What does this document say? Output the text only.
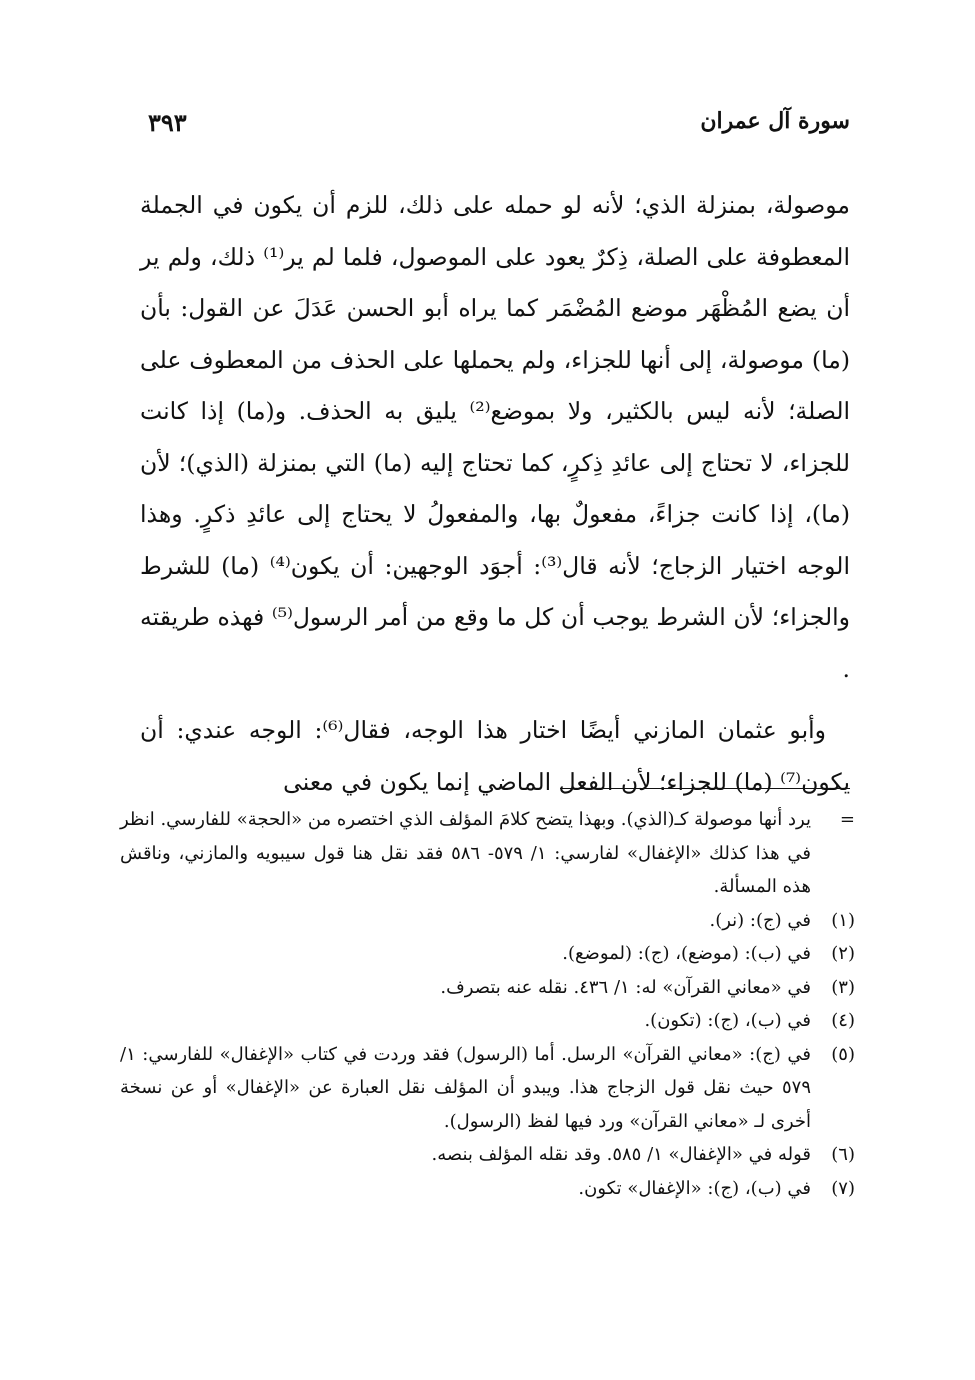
سورة آل عمران
٣٩٣

موصولة، بمنزلة الذي؛ لأنه لو حمله على ذلك، للزم أن يكون في الجملة المعطوفة على الصلة، ذِكرٌ يعود على الموصول، فلما لم ير⁽¹⁾ ذلك، ولم ير أن يضع المُظْهَر موضع المُضْمَر كما يراه أبو الحسن عَدَلَ عن القول: بأن (ما) موصولة، إلى أنها للجزاء، ولم يحملها على الحذف من المعطوف على الصلة؛ لأنه ليس بالكثير، ولا بموضع⁽²⁾ يليق به الحذف. و(ما) إذا كانت للجزاء، لا تحتاج إلى عائدِ ذِكرٍ، كما تحتاج إليه (ما) التي بمنزلة (الذي)؛ لأن (ما)، إذا كانت جزاءً، مفعولٌ بها، والمفعولُ لا يحتاج إلى عائدِ ذكرٍ. وهذا الوجه اختيار الزجاج؛ لأنه قال⁽³⁾: أجوَد الوجهين: أن يكون⁽⁴⁾ (ما) للشرط والجزاء؛ لأن الشرط يوجب أن كل ما وقع من أمر الرسول⁽⁵⁾ فهذه طريقته .

وأبو عثمان المازني أيضًا اختار هذا الوجه، فقال⁽⁶⁾: الوجه عندي: أن يكون⁽⁷⁾ (ما) للجزاء؛ لأن الفعل الماضي إنما يكون في معنى

=
يرد أنها موصولة كـ(الذي). وبهذا يتضح كلامَ المؤلف الذي اختصره من «الحجة» للفارسي. انظر في هذا كذلك «الإغفال» لفارسي: ١/ ٥٧٩- ٥٨٦ فقد نقل هنا قول سيبويه والمازني، وناقش هذه المسألة.
(١)
في (ج): (نر).
(٢)
في (ب): (موضع)، (ج): (لموضع).
(٣)
في «معاني القرآن» له: ١/ ٤٣٦. نقله عنه بتصرف.
(٤)
في (ب)، (ج): (تكون).
(٥)
في (ج): «معاني القرآن» الرسل. أما (الرسول) فقد وردت في كتاب «الإغفال» للفارسي: ١/ ٥٧٩ حيث نقل قول الزجاج هذا. ويبدو أن المؤلف نقل العبارة عن «الإغفال» أو عن نسخة أخرى لـ «معاني القرآن» ورد فيها لفظ (الرسول).
(٦)
قوله في «الإغفال» ١/ ٥٨٥. وقد نقله المؤلف بنصه.
(٧)
في (ب)، (ج): «الإغفال» تكون.
